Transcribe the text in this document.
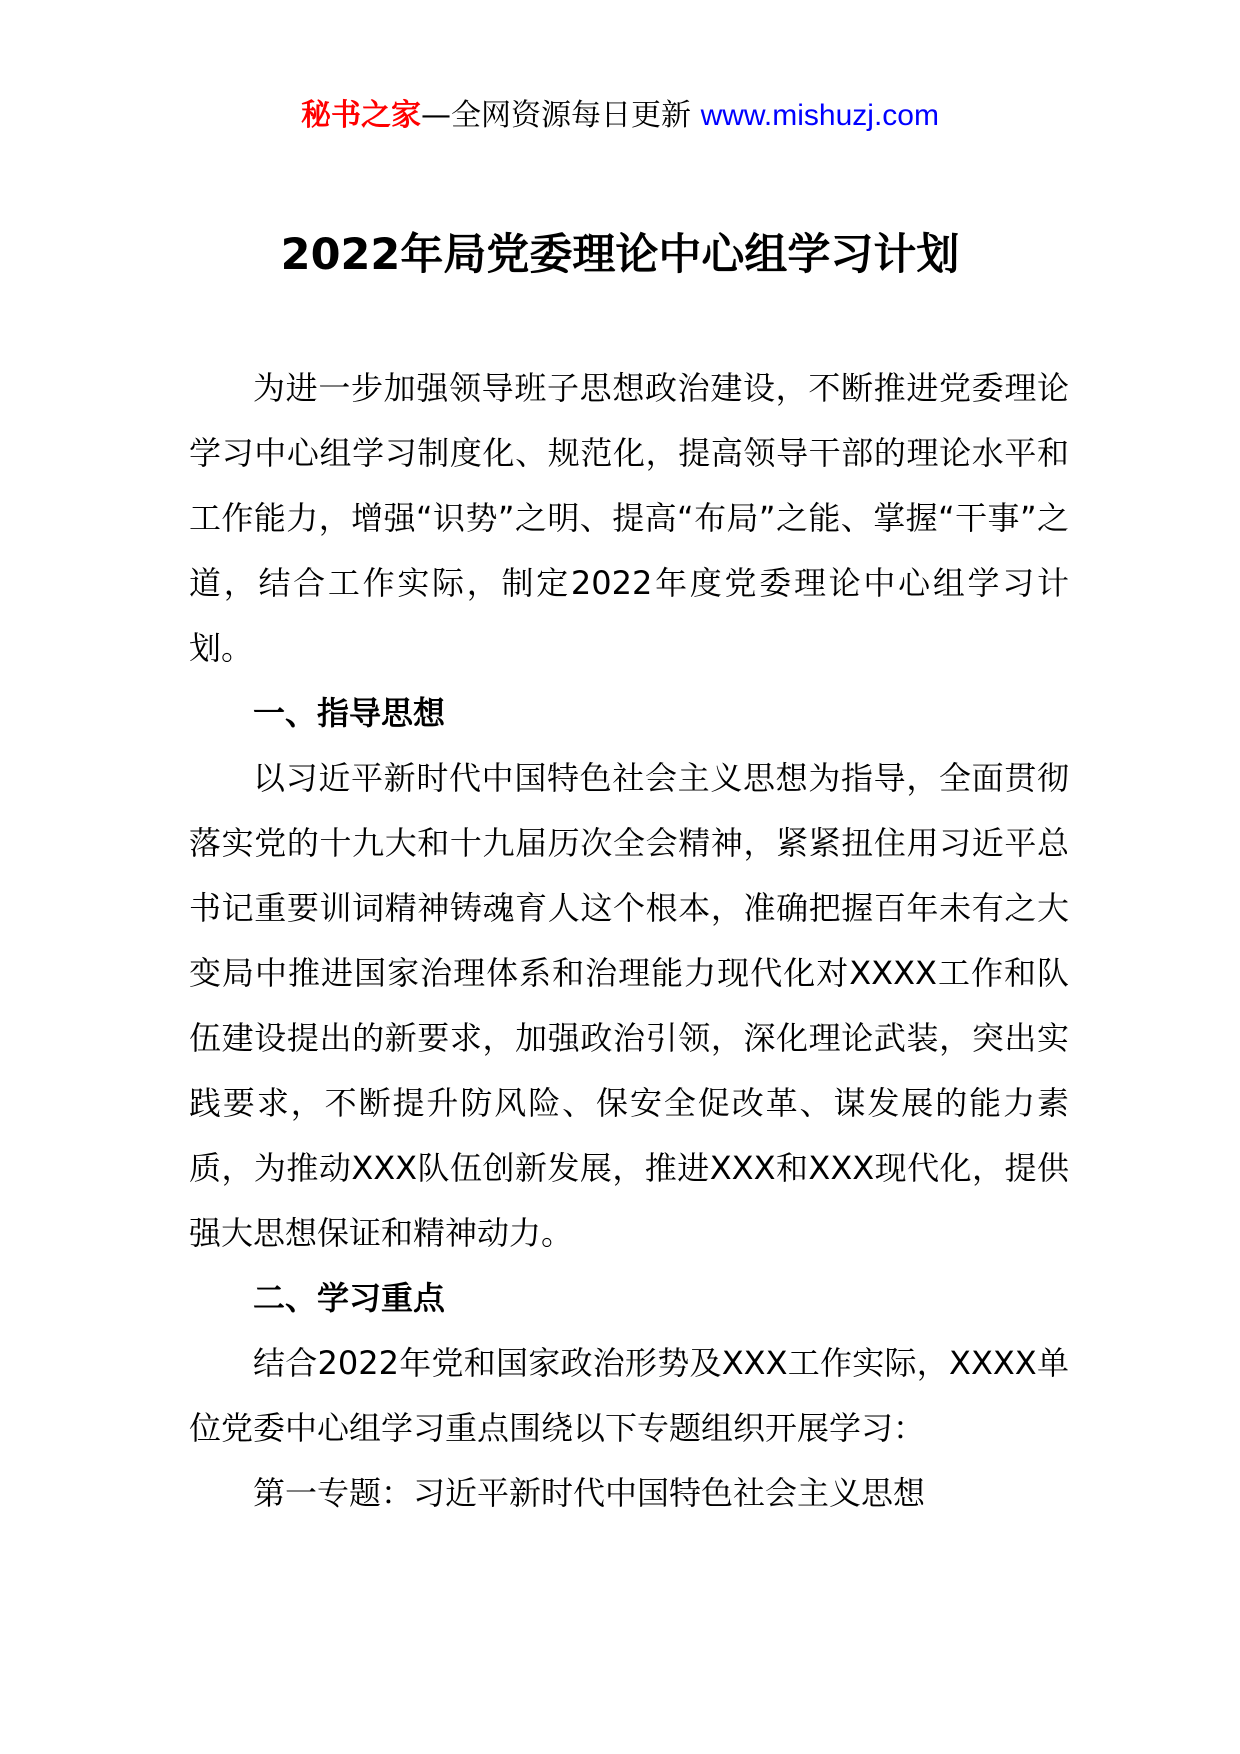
秘书之家—全网资源每日更新 www.mishuzj.com
2022年局党委理论中心组学习计划

为进一步加强领导班子思想政治建设，不断推进党委理论学习中心组学习制度化、规范化，提高领导干部的理论水平和工作能力，增强“识势”之明、提高“布局”之能、掌握“干事”之道，结合工作实际，制定2022年度党委理论中心组学习计划。

一、指导思想

以习近平新时代中国特色社会主义思想为指导，全面贯彻落实党的十九大和十九届历次全会精神，紧紧扭住用习近平总书记重要训词精神铸魂育人这个根本，准确把握百年未有之大变局中推进国家治理体系和治理能力现代化对XXXX工作和队伍建设提出的新要求，加强政治引领，深化理论武装，突出实践要求，不断提升防风险、保安全促改革、谋发展的能力素质，为推动XXX队伍创新发展，推进XXX和XXX现代化，提供强大思想保证和精神动力。

二、学习重点

结合2022年党和国家政治形势及XXX工作实际，XXXX单位党委中心组学习重点围绕以下专题组织开展学习：

第一专题：习近平新时代中国特色社会主义思想
